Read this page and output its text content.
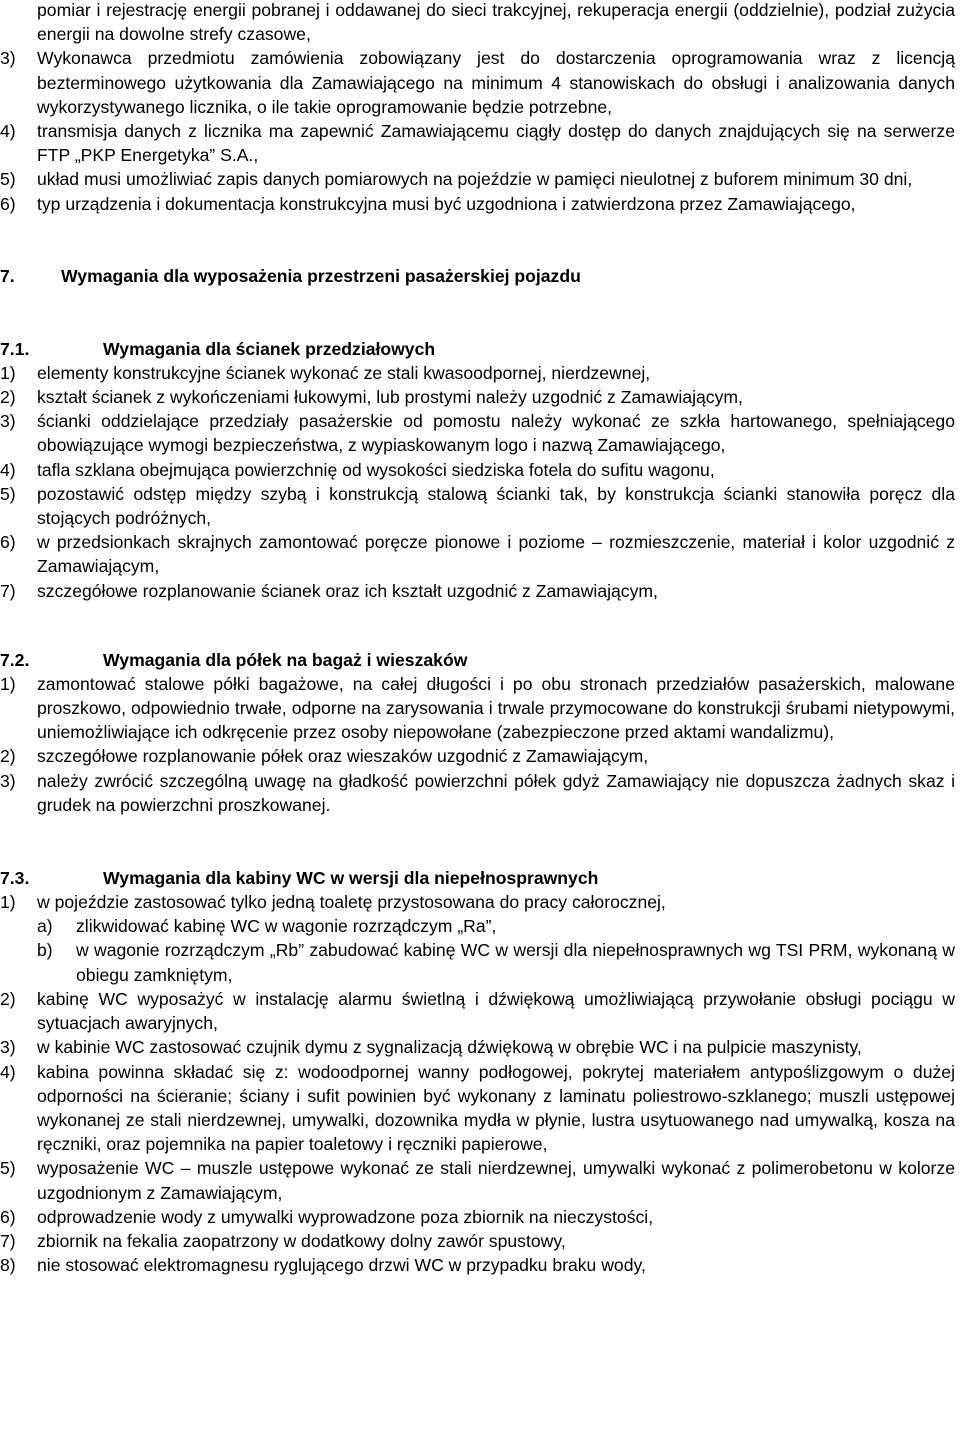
pomiar i rejestrację energii pobranej i oddawanej do sieci trakcyjnej, rekuperacja energii (oddzielnie), podział zużycia energii na dowolne strefy czasowe,
3) Wykonawca przedmiotu zamówienia zobowiązany jest do dostarczenia oprogramowania wraz z licencją bezterminowego użytkowania dla Zamawiającego na minimum 4 stanowiskach do obsługi i analizowania danych wykorzystywanego licznika, o ile takie oprogramowanie będzie potrzebne,
4) transmisja danych z licznika ma zapewnić Zamawiającemu ciągły dostęp do danych znajdujących się na serwerze FTP „PKP Energetyka” S.A.,
5) układ musi umożliwiać zapis danych pomiarowych na pojeździe w pamięci nieulotnej z buforem minimum 30 dni,
6) typ urządzenia i dokumentacja konstrukcyjna musi być uzgodniona i zatwierdzona przez Zamawiającego,
7.	Wymagania dla wyposażenia przestrzeni pasażerskiej pojazdu
7.1.	Wymagania dla ścianek przedziałowych
1) elementy konstrukcyjne ścianek wykonać ze stali kwasoodpornej, nierdzewnej,
2) kształt ścianek z wykończeniami łukowymi, lub prostymi należy uzgodnić z Zamawiającym,
3) ścianki oddzielające przedziały pasażerskie od pomostu należy wykonać ze szkła hartowanego, spełniającego obowiązujące wymogi bezpieczeństwa, z wypiaskowanym logo i nazwą Zamawiającego,
4) tafla szklana obejmująca powierzchnię od wysokości siedziska fotela do sufitu wagonu,
5) pozostawić odstęp między szybą i konstrukcją stalową ścianki tak, by konstrukcja ścianki stanowiła poręcz dla stojących podróżnych,
6) w przedsionkach skrajnych zamontować poręcze pionowe i poziome – rozmieszczenie, materiał i kolor uzgodnić z Zamawiającym,
7) szczegółowe rozplanowanie ścianek oraz ich kształt uzgodnić z Zamawiającym,
7.2.	Wymagania dla półek na bagaż i wieszaków
1) zamontować stalowe półki bagażowe, na całej długości i po obu stronach przedziałów pasażerskich, malowane proszkowo, odpowiednio trwałe, odporne na zarysowania i trwale przymocowane do konstrukcji śrubami nietypowymi, uniemożliwiające ich odkręcenie przez osoby niepowołane (zabezpieczone przed aktami wandalizmu),
2) szczegółowe rozplanowanie półek oraz wieszaków uzgodnić z Zamawiającym,
3) należy zwrócić szczególną uwagę na gładkość powierzchni półek gdyż Zamawiający nie dopuszcza żadnych skaz i grudek na powierzchni proszkowanej.
7.3.	Wymagania dla kabiny WC w wersji dla niepełnosprawnych
1) w pojeździe zastosować tylko jedną toaletę przystosowana do pracy całorocznej,
a) zlikwidować kabinę WC w wagonie rozrządczym „Ra”,
b) w wagonie rozrządczym „Rb” zabudować kabinę WC w wersji dla niepełnosprawnych wg TSI PRM, wykonaną w obiegu zamkniętym,
2) kabinę WC wyposażyć w instalację alarmu świetlną i dźwiękową umożliwiającą przywołanie obsługi pociągu w sytuacjach awaryjnych,
3) w kabinie WC zastosować czujnik dymu z sygnalizacją dźwiękową w obrębie WC i na pulpicie maszynisty,
4) kabina powinna składać się z: wodoodpornej wanny podłogowej, pokrytej materiałem antypoślizgowym o dużej odporności na ścieranie; ściany i sufit powinien być wykonany z laminatu poliestrowo-szklanego; muszli ustępowej wykonanej ze stali nierdzewnej, umywalki, dozownika mydła w płynie, lustra usytuowanego nad umywalką, kosza na ręczniki, oraz pojemnika na papier toaletowy i ręczniki papierowe,
5) wyposażenie WC – muszle ustępowe wykonać ze stali nierdzewnej, umywalki wykonać z polimerobetonu w kolorze uzgodnionym z Zamawiającym,
6) odprowadzenie wody z umywalki wyprowadzone poza zbiornik na nieczystości,
7) zbiornik na fekalia zaopatrzony w dodatkowy dolny zawór spustowy,
8) nie stosować elektromagnesu ryglującego drzwi WC w przypadku braku wody,
